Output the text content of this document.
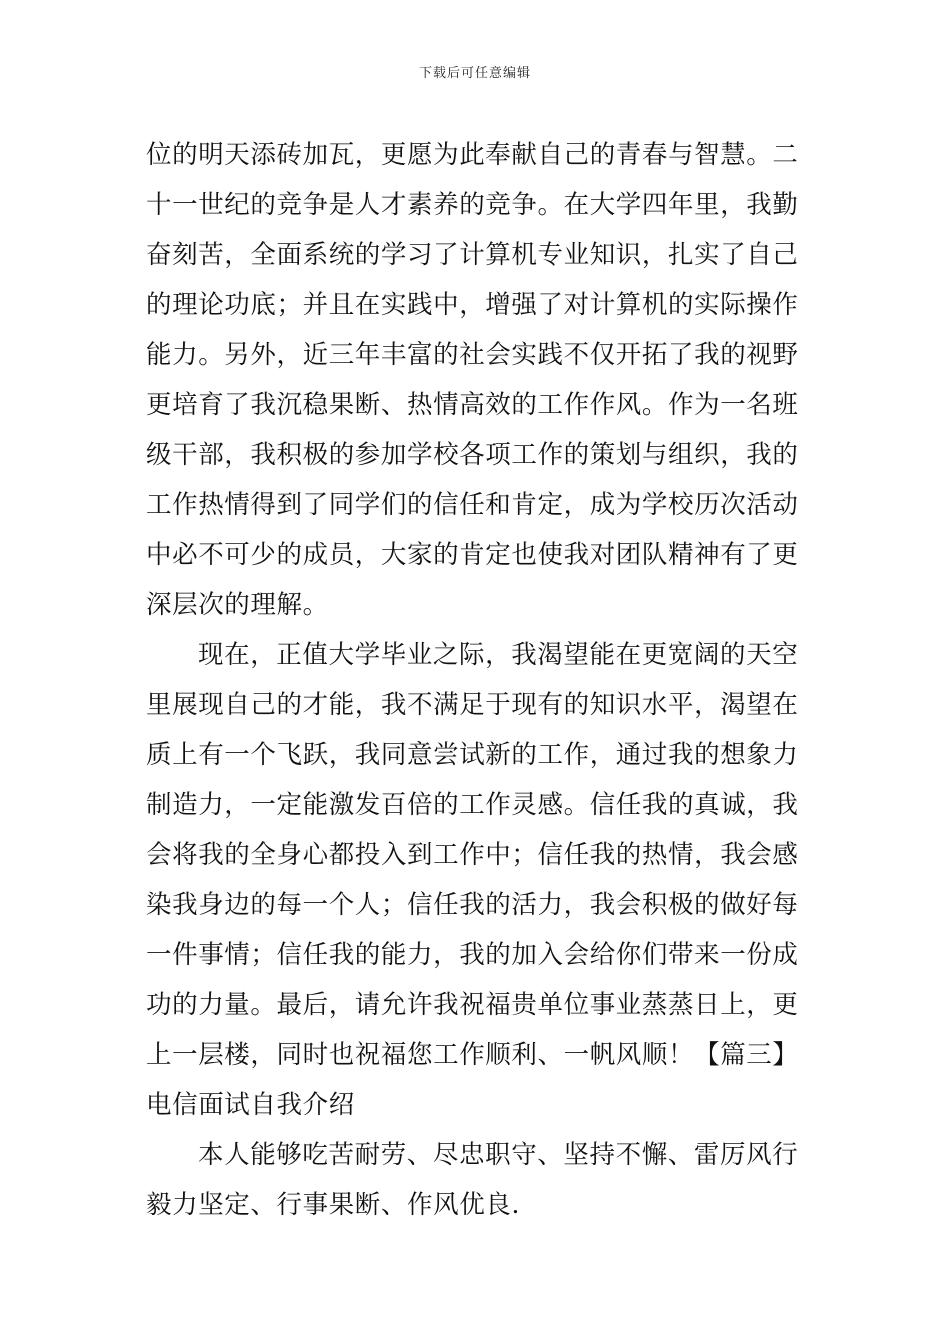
下载后可任意编辑
位的明天添砖加瓦，更愿为此奉献自己的青春与智慧。二
十一世纪的竞争是人才素养的竞争。在大学四年里，我勤
奋刻苦，全面系统的学习了计算机专业知识，扎实了自己
的理论功底；并且在实践中，增强了对计算机的实际操作
能力。另外，近三年丰富的社会实践不仅开拓了我的视野
更培育了我沉稳果断、热情高效的工作作风。作为一名班
级干部，我积极的参加学校各项工作的策划与组织，我的
工作热情得到了同学们的信任和肯定，成为学校历次活动
中必不可少的成员，大家的肯定也使我对团队精神有了更
深层次的理解。
现在，正值大学毕业之际，我渴望能在更宽阔的天空
里展现自己的才能，我不满足于现有的知识水平，渴望在
质上有一个飞跃，我同意尝试新的工作，通过我的想象力
制造力，一定能激发百倍的工作灵感。信任我的真诚，我
会将我的全身心都投入到工作中；信任我的热情，我会感
染我身边的每一个人；信任我的活力，我会积极的做好每
一件事情；信任我的能力，我的加入会给你们带来一份成
功的力量。最后，请允许我祝福贵单位事业蒸蒸日上，更
上一层楼，同时也祝福您工作顺利、一帆风顺！【篇三】
电信面试自我介绍
本人能够吃苦耐劳、尽忠职守、坚持不懈、雷厉风行
毅力坚定、行事果断、作风优良.
